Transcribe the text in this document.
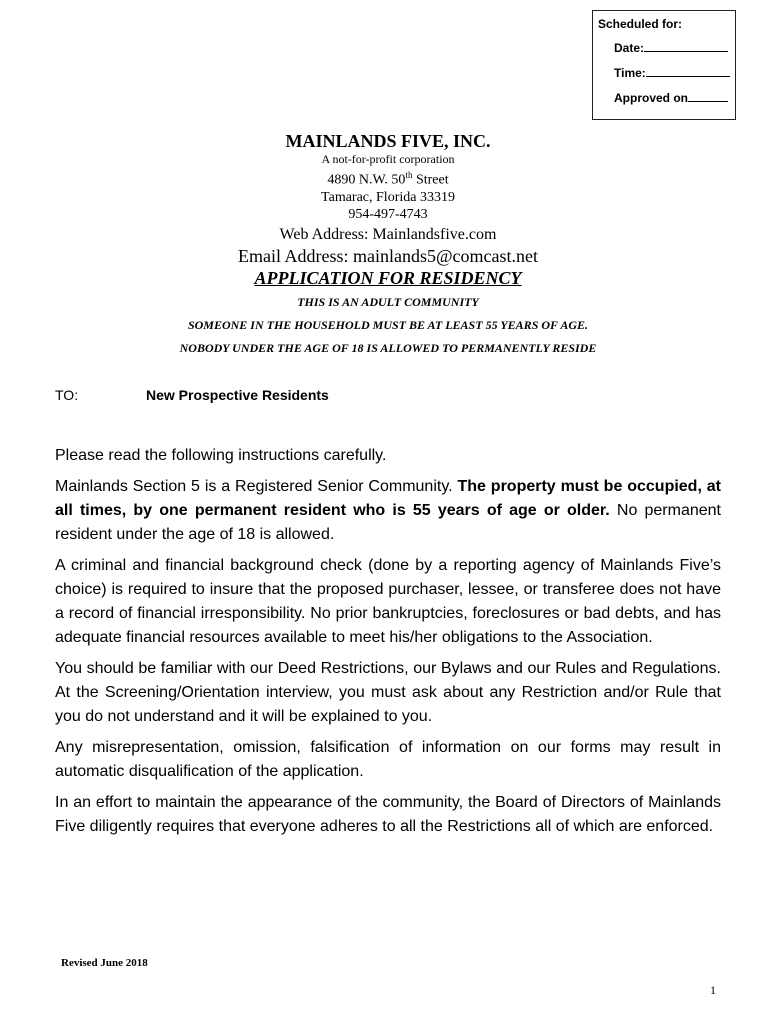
Scheduled for:
Date:
Time:
Approved on
MAINLANDS FIVE, INC.
A not-for-profit corporation
4890 N.W. 50th Street
Tamarac, Florida 33319
954-497-4743
Web Address: Mainlandsfive.com
Email Address: mainlands5@comcast.net
APPLICATION FOR RESIDENCY
THIS IS AN ADULT COMMUNITY
SOMEONE IN THE HOUSEHOLD MUST BE AT LEAST 55 YEARS OF AGE.
NOBODY UNDER THE AGE OF 18 IS ALLOWED TO PERMANENTLY RESIDE
TO:	New Prospective Residents

Please read the following instructions carefully.

Mainlands Section 5 is a Registered Senior Community. The property must be occupied, at all times, by one permanent resident who is 55 years of age or older. No permanent resident under the age of 18 is allowed.

A criminal and financial background check (done by a reporting agency of Mainlands Five’s choice) is required to insure that the proposed purchaser, lessee, or transferee does not have a record of financial irresponsibility. No prior bankruptcies, foreclosures or bad debts, and has adequate financial resources available to meet his/her obligations to the Association.

You should be familiar with our Deed Restrictions, our Bylaws and our Rules and Regulations. At the Screening/Orientation interview, you must ask about any Restriction and/or Rule that you do not understand and it will be explained to you.

Any misrepresentation, omission, falsification of information on our forms may result in automatic disqualification of the application.

In an effort to maintain the appearance of the community, the Board of Directors of Mainlands Five diligently requires that everyone adheres to all the Restrictions all of which are enforced.

Revised June 2018
1
